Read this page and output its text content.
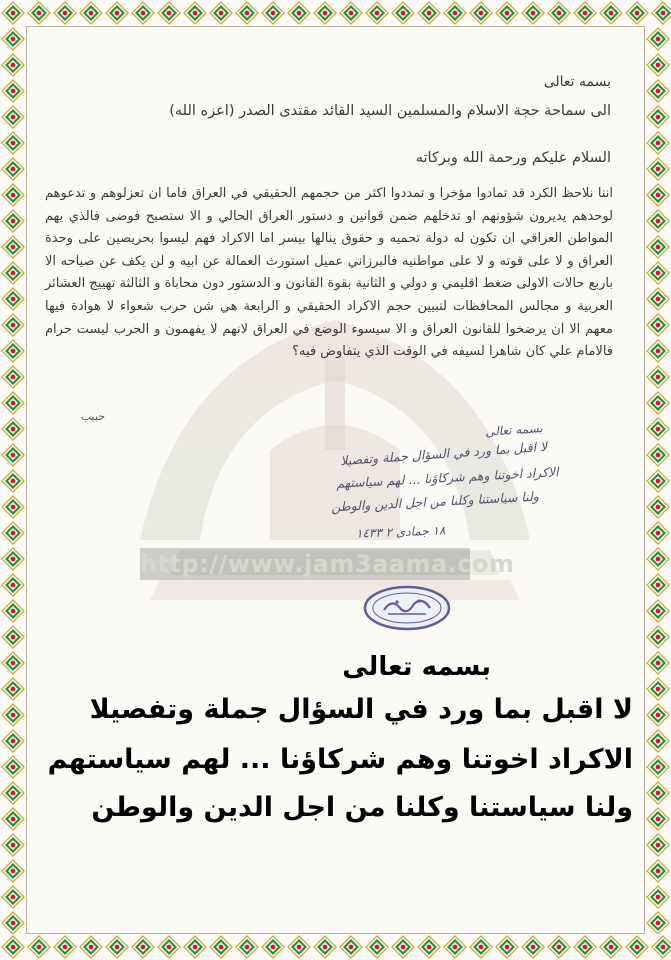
http://www.jam3aama.com
بسمه تعالى
الى سماحة حجة الاسلام والمسلمين السيد القائد مقتدى الصدر (اعزه الله)
السلام عليكم ورحمة الله وبركاته
اننا نلاحظ الكرد قد تمادوا مؤخرا و تمددوا اكثر من حجمهم الحقيقي في العراق فاما ان تعزلوهم و تدعوهم لوحدهم يديرون شؤونهم او تدخلهم ضمن قوانين و دستور العراق الحالي و الا ستصبح فوضى فالذي يهم المواطن العراقي ان تكون له دولة تحميه و حقوق ينالها بيسر اما الاكراد فهم ليسوا بحريصين على وحدة العراق و لا على قوته و لا على مواطنيه فالبرزاني عميل استورث العمالة عن ابيه و لن يكف عن صياحه الا باربع حالات الاولى ضغط اقليمي و دولي و الثانية بقوة القانون و الدستور دون محاباة و الثالثة تهييج العشائر العربية و مجالس المحافظات لتبيين حجم الاكراد الحقيقي و الرابعة هي شن حرب شعواء لا هوادة فيها معهم الا ان يرضخوا للقانون العراق و الا سيسوء الوضع في العراق لانهم لا يفهمون و الحرب ليست حرام فالامام علي كان شاهرا لسيفه في الوقت الذي يتفاوض فيه؟
حبيب
بسمه تعالى
لا اقبل بما ورد في السؤال جملة وتفصيلا
الاكراد اخوتنا وهم شركاؤنا ... لهم سياستهم
ولنا سياستنا وكلنا من اجل الدين والوطن
١٨ جمادى ٢ ١٤٣٣
بسمه تعالى
لا اقبل بما ورد في السؤال جملة وتفصيلا
الاكراد اخوتنا وهم شركاؤنا ... لهم سياستهم
ولنا سياستنا وكلنا من اجل الدين والوطن
